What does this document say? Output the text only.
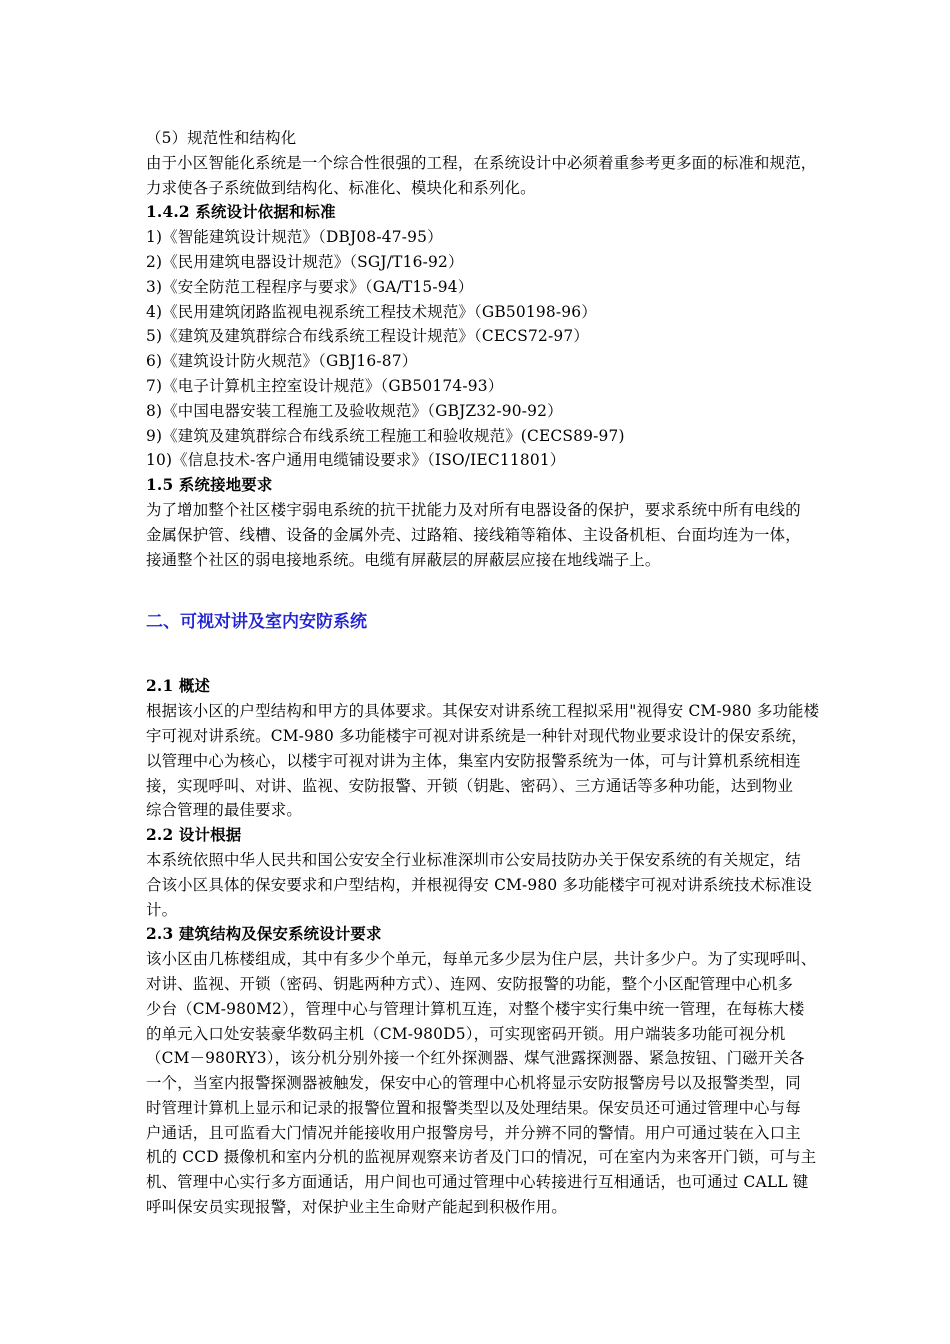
（5）规范性和结构化
由于小区智能化系统是一个综合性很强的工程，在系统设计中必须着重参考更多面的标准和规范，
力求使各子系统做到结构化、标准化、模块化和系列化。
1.4.2 系统设计依据和标准
1)《智能建筑设计规范》（DBJ08-47-95）
2)《民用建筑电器设计规范》（SGJ/T16-92）
3)《安全防范工程程序与要求》（GA/T15-94）
4)《民用建筑闭路监视电视系统工程技术规范》（GB50198-96）
5)《建筑及建筑群综合布线系统工程设计规范》（CECS72-97）
6)《建筑设计防火规范》（GBJ16-87）
7)《电子计算机主控室设计规范》（GB50174-93）
8)《中国电器安装工程施工及验收规范》（GBJZ32-90-92）
9)《建筑及建筑群综合布线系统工程施工和验收规范》(CECS89-97)
10)《信息技术-客户通用电缆铺设要求》（ISO/IEC11801）
1.5 系统接地要求
为了增加整个社区楼宇弱电系统的抗干扰能力及对所有电器设备的保护，要求系统中所有电线的
金属保护管、线槽、设备的金属外壳、过路箱、接线箱等箱体、主设备机柜、台面均连为一体，
接通整个社区的弱电接地系统。电缆有屏蔽层的屏蔽层应接在地线端子上。
二、可视对讲及室内安防系统
2.1 概述
根据该小区的户型结构和甲方的具体要求。其保安对讲系统工程拟采用"视得安 CM-980 多功能楼
宇可视对讲系统。CM-980 多功能楼宇可视对讲系统是一种针对现代物业要求设计的保安系统，
以管理中心为核心，以楼宇可视对讲为主体，集室内安防报警系统为一体，可与计算机系统相连
接，实现呼叫、对讲、监视、安防报警、开锁（钥匙、密码）、三方通话等多种功能，达到物业
综合管理的最佳要求。
2.2 设计根据
本系统依照中华人民共和国公安安全行业标准深圳市公安局技防办关于保安系统的有关规定，结
合该小区具体的保安要求和户型结构，并根视得安 CM-980 多功能楼宇可视对讲系统技术标准设
计。
2.3 建筑结构及保安系统设计要求
该小区由几栋楼组成，其中有多少个单元，每单元多少层为住户层，共计多少户。为了实现呼叫、
对讲、监视、开锁（密码、钥匙两种方式）、连网、安防报警的功能，整个小区配管理中心机多
少台（CM-980M2），管理中心与管理计算机互连，对整个楼宇实行集中统一管理，在每栋大楼
的单元入口处安装豪华数码主机（CM-980D5），可实现密码开锁。用户端装多功能可视分机
（CM－980RY3），该分机分别外接一个红外探测器、煤气泄露探测器、紧急按钮、门磁开关各
一个，当室内报警探测器被触发，保安中心的管理中心机将显示安防报警房号以及报警类型，同
时管理计算机上显示和记录的报警位置和报警类型以及处理结果。保安员还可通过管理中心与每
户通话，且可监看大门情况并能接收用户报警房号，并分辨不同的警情。用户可通过装在入口主
机的 CCD 摄像机和室内分机的监视屏观察来访者及门口的情况，可在室内为来客开门锁，可与主
机、管理中心实行多方面通话，用户间也可通过管理中心转接进行互相通话，也可通过 CALL 键
呼叫保安员实现报警，对保护业主生命财产能起到积极作用。
